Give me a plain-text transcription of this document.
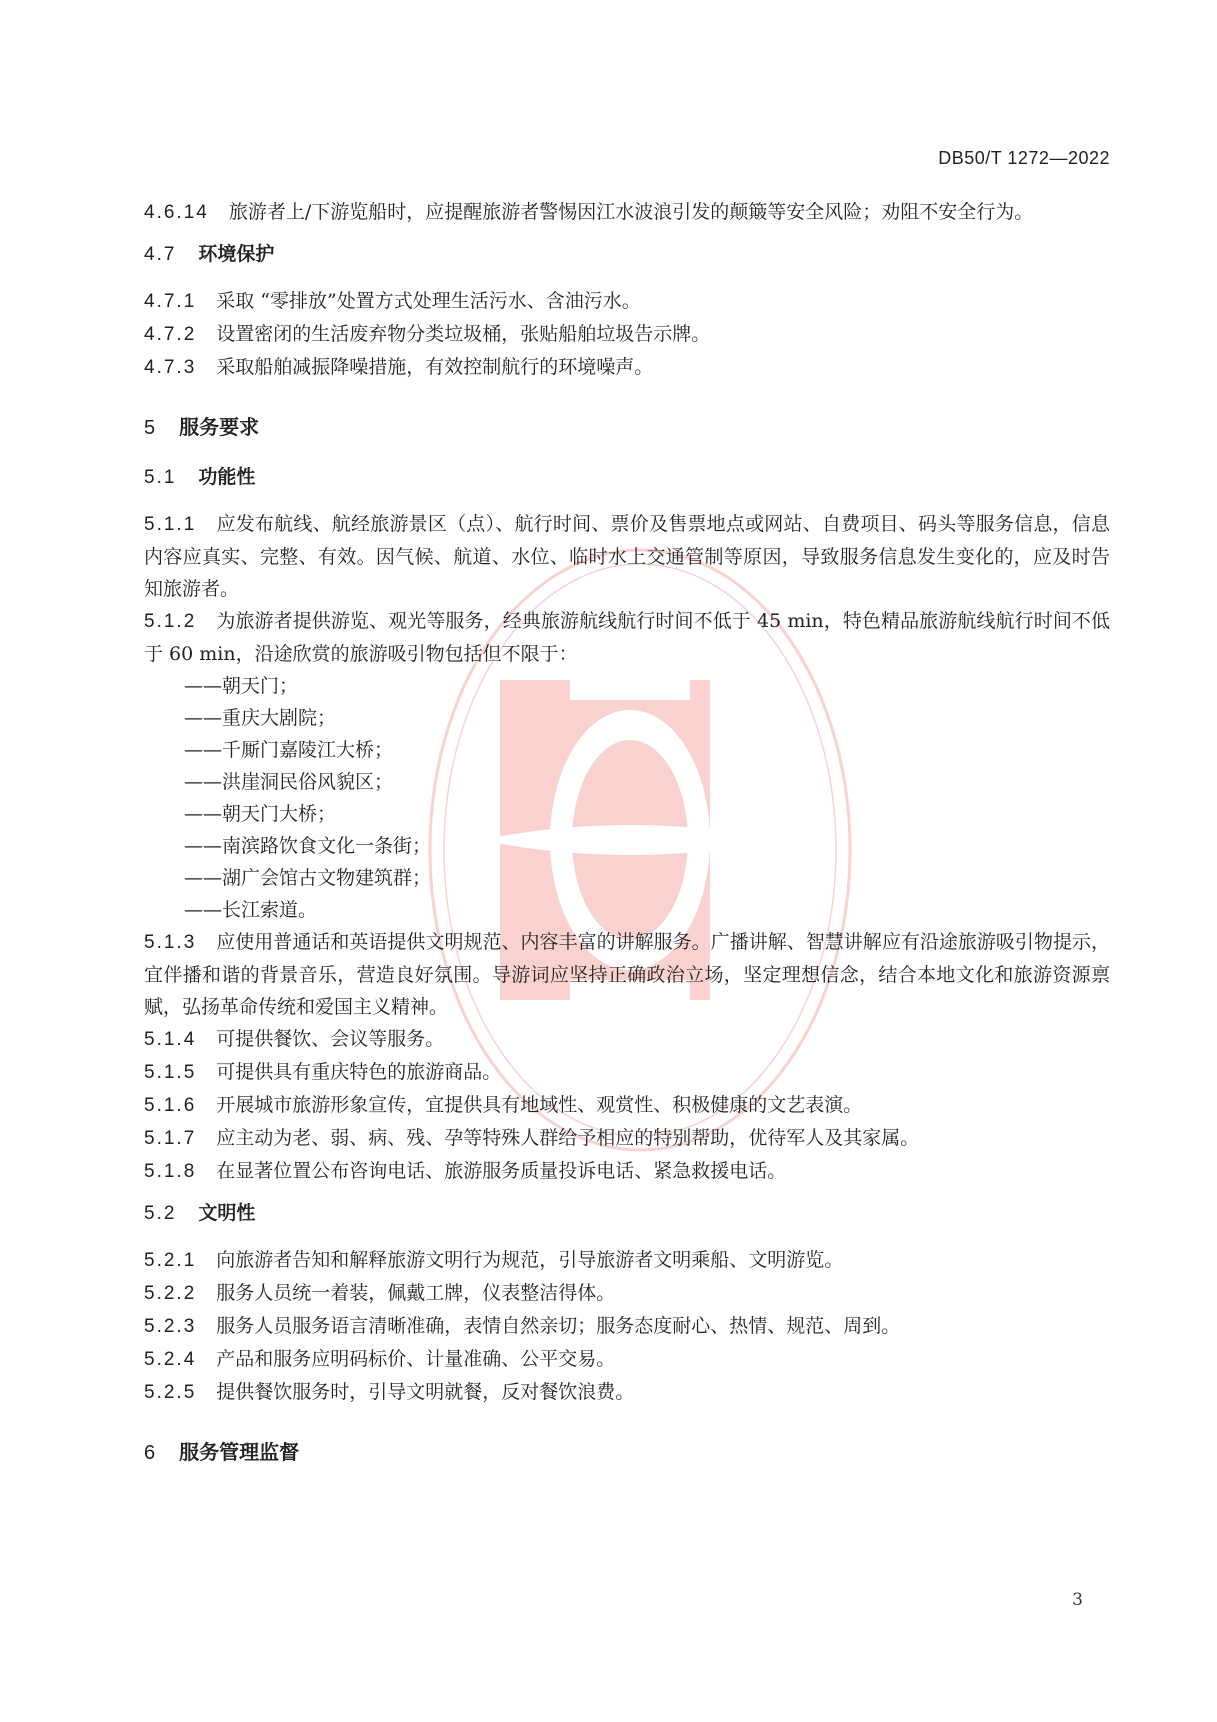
DB50/T 1272—2022
4.6.14 旅游者上/下游览船时，应提醒旅游者警惕因江水波浪引发的颠簸等安全风险；劝阻不安全行为。
4.7 环境保护
4.7.1 采取 “零排放”处置方式处理生活污水、含油污水。
4.7.2 设置密闭的生活废弃物分类垃圾桶，张贴船舶垃圾告示牌。
4.7.3 采取船舶减振降噪措施，有效控制航行的环境噪声。
5 服务要求
5.1 功能性
5.1.1 应发布航线、航经旅游景区（点）、航行时间、票价及售票地点或网站、自费项目、码头等服务信息，信息内容应真实、完整、有效。因气候、航道、水位、临时水上交通管制等原因，导致服务信息发生变化的，应及时告知旅游者。
5.1.2 为旅游者提供游览、观光等服务，经典旅游航线航行时间不低于 45 min，特色精品旅游航线航行时间不低于 60 min，沿途欣赏的旅游吸引物包括但不限于：
——朝天门；
——重庆大剧院；
——千厮门嘉陵江大桥；
——洪崖洞民俗风貌区；
——朝天门大桥；
——南滨路饮食文化一条街；
——湖广会馆古文物建筑群；
——长江索道。
5.1.3 应使用普通话和英语提供文明规范、内容丰富的讲解服务。广播讲解、智慧讲解应有沿途旅游吸引物提示，宜伴播和谐的背景音乐，营造良好氛围。导游词应坚持正确政治立场，坚定理想信念，结合本地文化和旅游资源禀赋，弘扬革命传统和爱国主义精神。
5.1.4 可提供餐饮、会议等服务。
5.1.5 可提供具有重庆特色的旅游商品。
5.1.6 开展城市旅游形象宣传，宜提供具有地域性、观赏性、积极健康的文艺表演。
5.1.7 应主动为老、弱、病、残、孕等特殊人群给予相应的特别帮助，优待军人及其家属。
5.1.8 在显著位置公布咨询电话、旅游服务质量投诉电话、紧急救援电话。
5.2 文明性
5.2.1 向旅游者告知和解释旅游文明行为规范，引导旅游者文明乘船、文明游览。
5.2.2 服务人员统一着装，佩戴工牌，仪表整洁得体。
5.2.3 服务人员服务语言清晰准确，表情自然亲切；服务态度耐心、热情、规范、周到。
5.2.4 产品和服务应明码标价、计量准确、公平交易。
5.2.5 提供餐饮服务时，引导文明就餐，反对餐饮浪费。
6 服务管理监督
3
